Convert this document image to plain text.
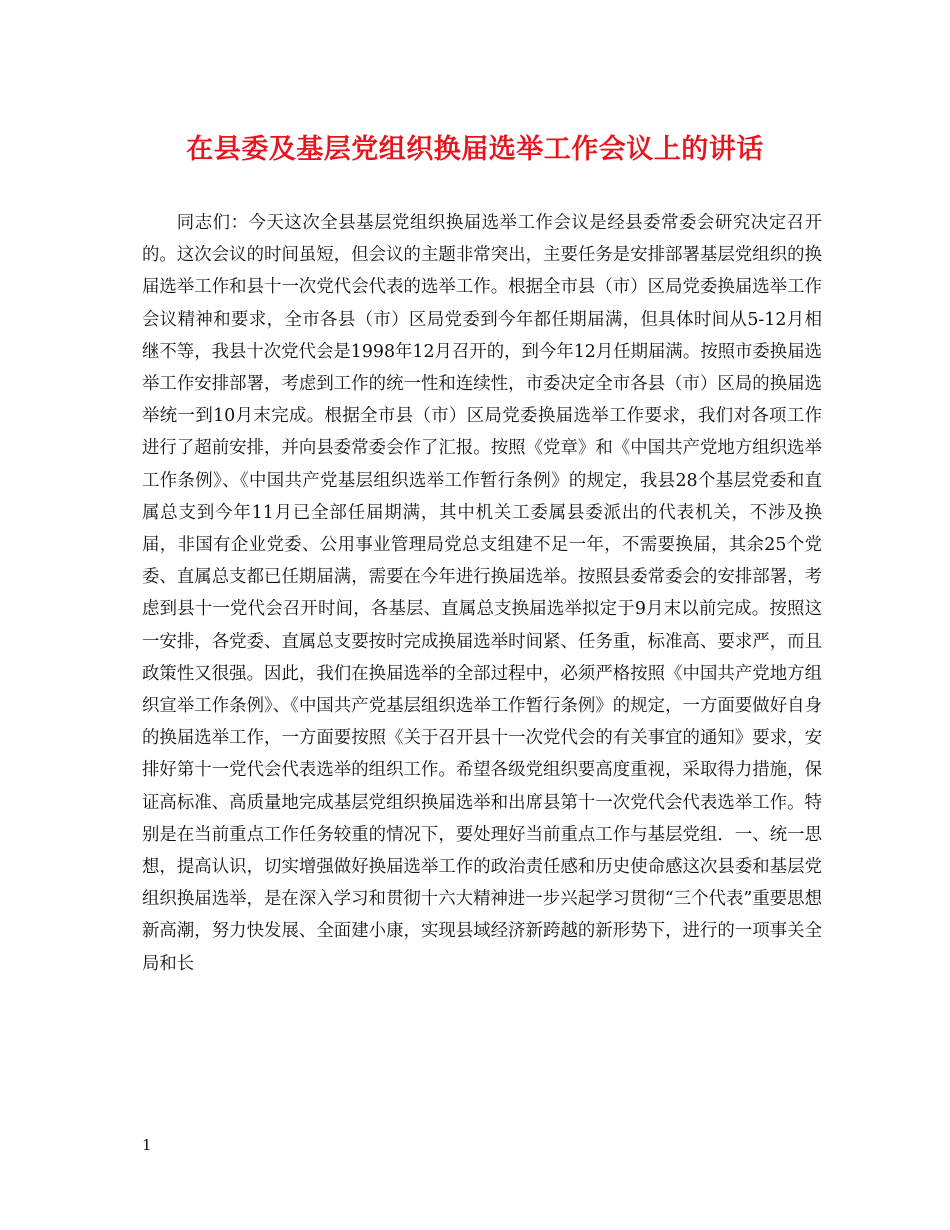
在县委及基层党组织换届选举工作会议上的讲话

同志们：今天这次全县基层党组织换届选举工作会议是经县委常委会研究决定召开的。这次会议的时间虽短，但会议的主题非常突出，主要任务是安排部署基层党组织的换届选举工作和县十一次党代会代表的选举工作。根据全市县（市）区局党委换届选举工作会议精神和要求，全市各县（市）区局党委到今年都任期届满，但具体时间从5-12月相继不等，我县十次党代会是1998年12月召开的，到今年12月任期届满。按照市委换届选举工作安排部署，考虑到工作的统一性和连续性，市委决定全市各县（市）区局的换届选举统一到10月末完成。根据全市县（市）区局党委换届选举工作要求，我们对各项工作进行了超前安排，并向县委常委会作了汇报。按照《党章》和《中国共产党地方组织选举工作条例》、《中国共产党基层组织选举工作暂行条例》的规定，我县28个基层党委和直属总支到今年11月已全部任届期满，其中机关工委属县委派出的代表机关，不涉及换届，非国有企业党委、公用事业管理局党总支组建不足一年，不需要换届，其余25个党委、直属总支都已任期届满，需要在今年进行换届选举。按照县委常委会的安排部署，考虑到县十一党代会召开时间，各基层、直属总支换届选举拟定于9月末以前完成。按照这一安排，各党委、直属总支要按时完成换届选举时间紧、任务重，标准高、要求严，而且政策性又很强。因此，我们在换届选举的全部过程中，必须严格按照《中国共产党地方组织宣举工作条例》、《中国共产党基层组织选举工作暂行条例》的规定，一方面要做好自身的换届选举工作，一方面要按照《关于召开县十一次党代会的有关事宜的通知》要求，安排好第十一党代会代表选举的组织工作。希望各级党组织要高度重视，采取得力措施，保证高标准、高质量地完成基层党组织换届选举和出席县第十一次党代会代表选举工作。特别是在当前重点工作任务较重的情况下，要处理好当前重点工作与基层党组．一、统一思想，提高认识，切实增强做好换届选举工作的政治责任感和历史使命感这次县委和基层党组织换届选举，是在深入学习和贯彻十六大精神进一步兴起学习贯彻“三个代表”重要思想新高潮，努力快发展、全面建小康，实现县域经济新跨越的新形势下，进行的一项事关全局和长

1
